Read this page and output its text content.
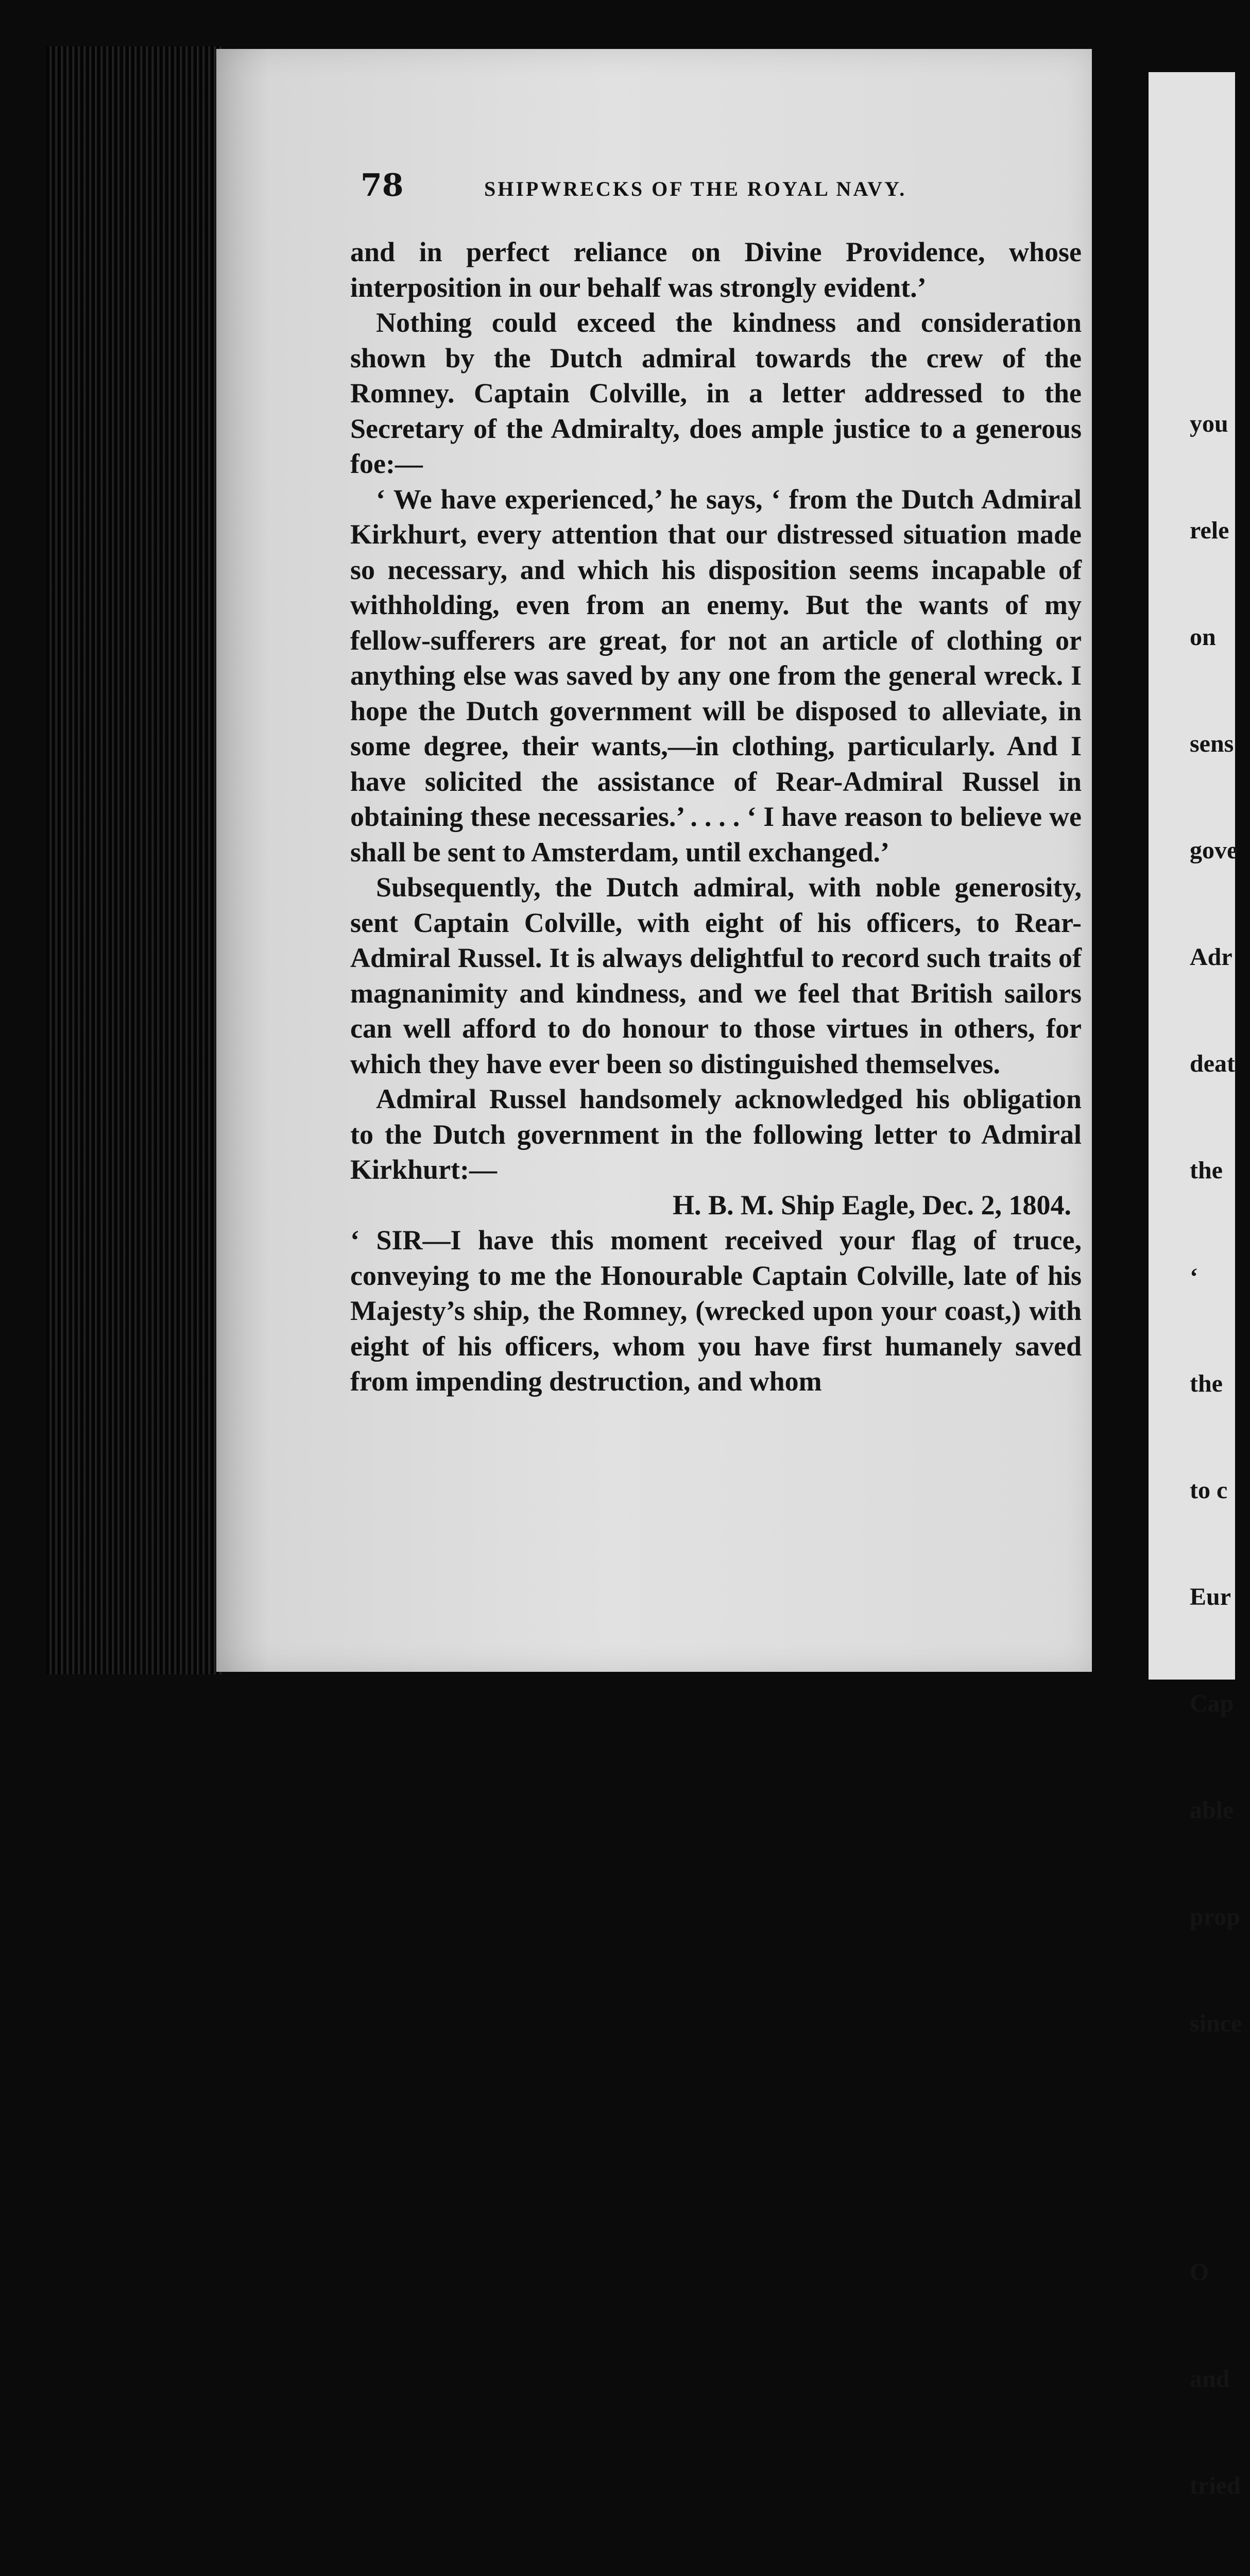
78	SHIPWRECKS OF THE ROYAL NAVY.

and in perfect reliance on Divine Providence, whose interposition in our behalf was strongly evident.’

Nothing could exceed the kindness and consideration shown by the Dutch admiral towards the crew of the Romney. Captain Colville, in a letter addressed to the Secretary of the Admiralty, does ample justice to a generous foe:—

‘ We have experienced,’ he says, ‘ from the Dutch Admiral Kirkhurt, every attention that our distressed situation made so necessary, and which his disposition seems incapable of withholding, even from an enemy. But the wants of my fellow-sufferers are great, for not an article of clothing or anything else was saved by any one from the general wreck. I hope the Dutch government will be disposed to alleviate, in some degree, their wants,—in clothing, particularly. And I have solicited the assistance of Rear-Admiral Russel in obtaining these necessaries.’ . . . . ‘ I have reason to believe we shall be sent to Amsterdam, until exchanged.’

Subsequently, the Dutch admiral, with noble generosity, sent Captain Colville, with eight of his officers, to Rear-Admiral Russel. It is always delightful to record such traits of magnanimity and kindness, and we feel that British sailors can well afford to do honour to those virtues in others, for which they have ever been so distinguished themselves.

Admiral Russel handsomely acknowledged his obligation to the Dutch government in the following letter to Admiral Kirkhurt:—

H. B. M. Ship Eagle, Dec. 2, 1804.

‘ SIR—I have this moment received your flag of truce, conveying to me the Honourable Captain Colville, late of his Majesty’s ship, the Romney, (wrecked upon your coast,) with eight of his officers, whom you have first humanely saved from impending destruction, and whom

you

rele

on

sens

gove

Adr

deat

the

‘

the

to c

Eur

Cap

able

prop

since

O

and

tried
